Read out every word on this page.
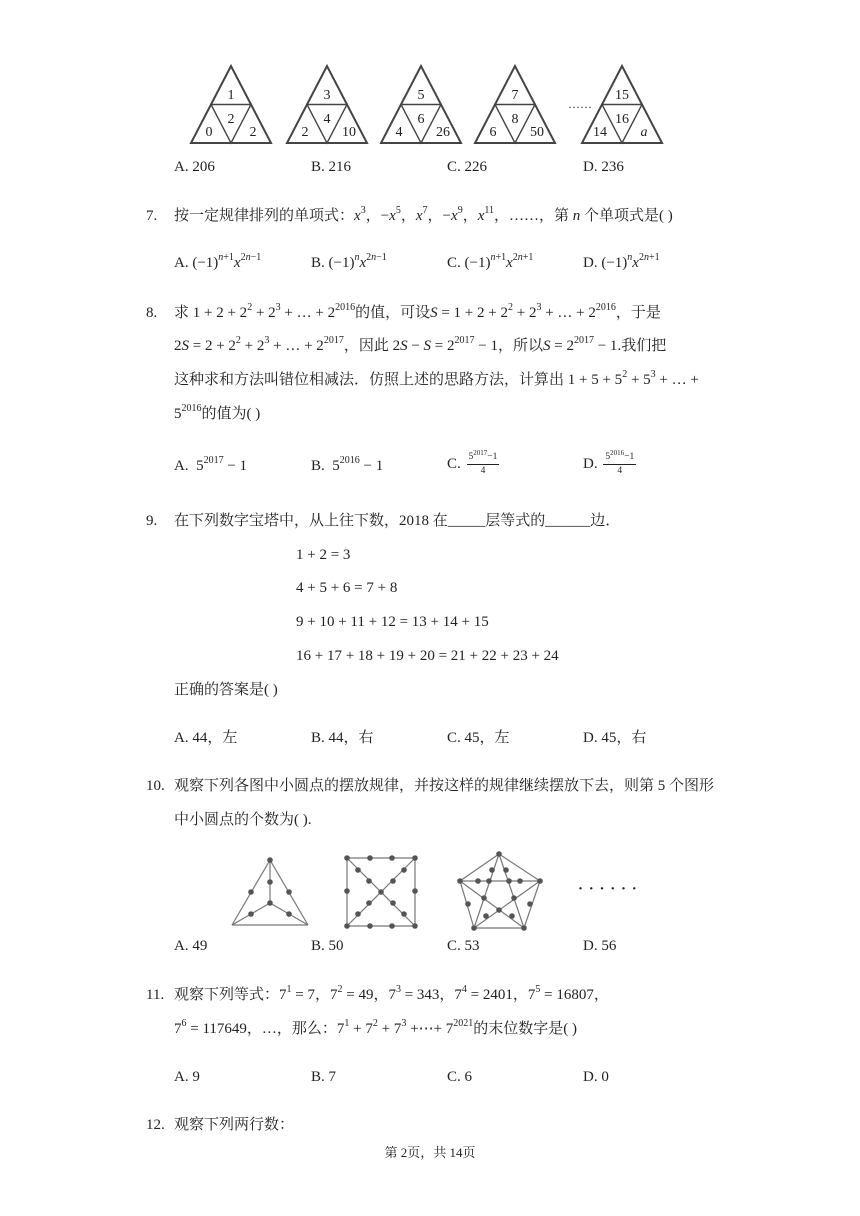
1
2
0	2
3
4
2 10
5
6
4 26
7
8
6 50
15
16
14 a
……
A. 206	B. 216	C. 226	D. 236
7. 按一定规律排列的单项式：$x^3$，$-x^5$，$x^7$，$-x^9$，$x^{11}$，……，第 n 个单项式是( )
A. $(-1)^{n+1}x^{2n-1}$	B. $(-1)^nx^{2n-1}$	C. $(-1)^{n+1}x^{2n+1}$	D. $(-1)^nx^{2n+1}$
8. 求 $1 + 2 + 2^2 + 2^3$ + … + $2^{2016}$的值，可设$S = 1 + 2 + 2^2 + 2^3$ + … + $2^{2016}$，于是
$2S = 2 + 2^2 + 2^3$ + … + $2^{2017}$，因此 $2S - S = 2^{2017} - 1$，所以$S = 2^{2017} - 1$.我们把
这种求和方法叫错位相减法．仿照上述的思路方法，计算出 $1 + 5 + 5^2 + 5^3$ + … +
$5^{2016}$的值为( )
A.  $5^{2017} - 1$	B.  $5^{2016} - 1$	C. $\frac{5^{2017}-1}{4}$	D. $\frac{5^{2016}-1}{4}$
9. 在下列数字宝塔中，从上往下数，2018 在_____层等式的______边．
1 + 2 = 3
4 + 5 + 6 = 7 + 8
9 + 10 + 11 + 12 = 13 + 14 + 15
16 + 17 + 18 + 19 + 20 = 21 + 22 + 23 + 24
正确的答案是( )
A. 44，左	B. 44，右	C. 45，左	D. 45，右
10. 观察下列各图中小圆点的摆放规律，并按这样的规律继续摆放下去，则第 5 个图形
中小圆点的个数为( ).
· · · · · ·
A. 49	B. 50	C. 53	D. 56
11. 观察下列等式：$7^1 = 7$，$7^2 = 49$，$7^3 = 343$，$7^4 = 2401$，$7^5 = 16807$，
$7^6 = 117649$，…，那么：$7^1 + 7^2 + 7^3$ +⋯+ $7^{2021}$的末位数字是( )
A. 9	B. 7	C. 6	D. 0
12. 观察下列两行数：
第 2页，共 14页
